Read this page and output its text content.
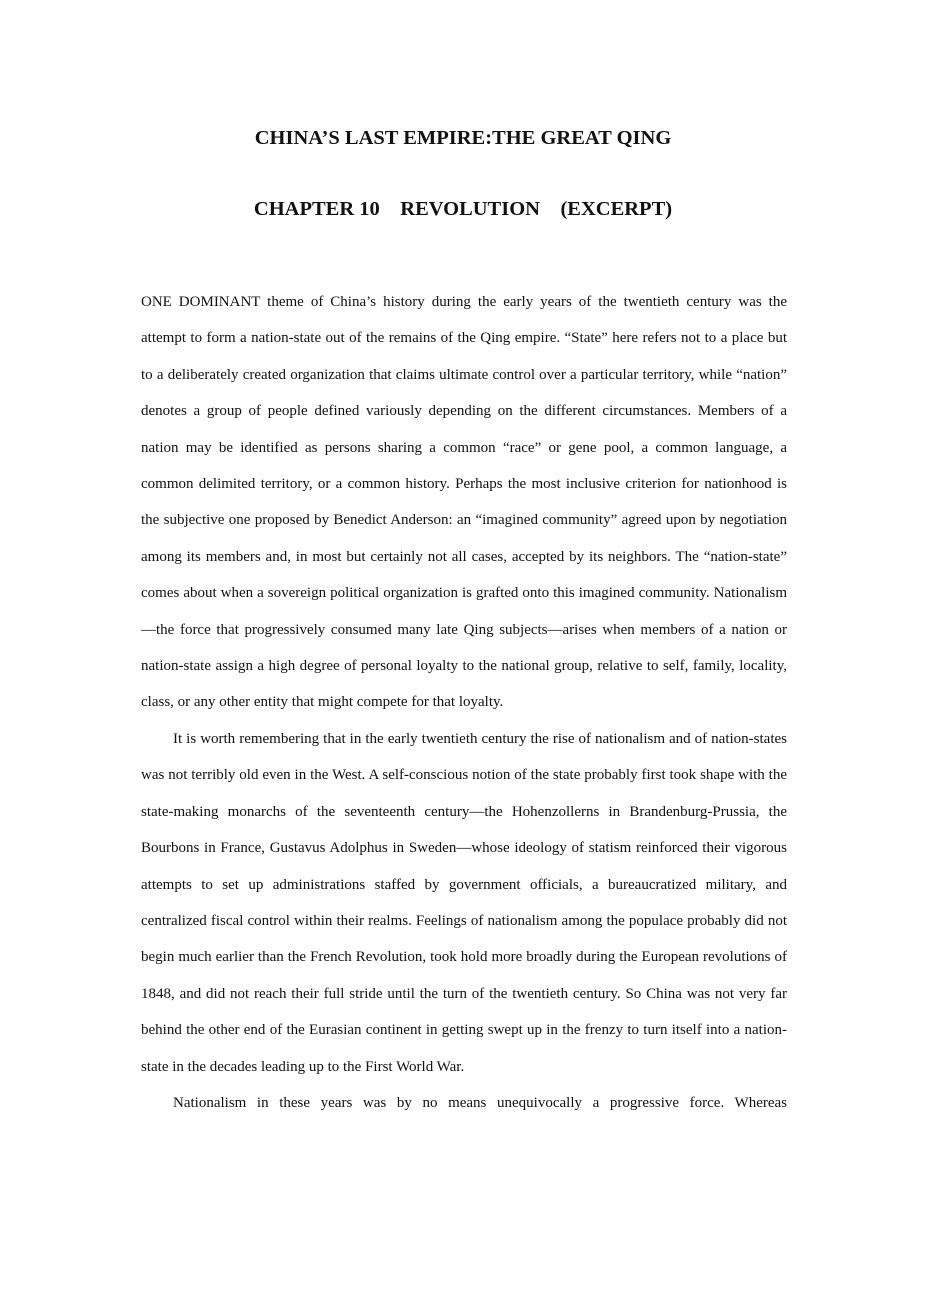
CHINA’S LAST EMPIRE:THE GREAT QING
CHAPTER 10    REVOLUTION    (EXCERPT)

ONE DOMINANT theme of China’s history during the early years of the twentieth century was the attempt to form a nation-state out of the remains of the Qing empire. “State” here refers not to a place but to a deliberately created organization that claims ultimate control over a particular territory, while “nation” denotes a group of people defined variously depending on the different circumstances. Members of a nation may be identified as persons sharing a common “race” or gene pool, a common language, a common delimited territory, or a common history. Perhaps the most inclusive criterion for nationhood is the subjective one proposed by Benedict Anderson: an “imagined community” agreed upon by negotiation among its members and, in most but certainly not all cases, accepted by its neighbors. The “nation-state” comes about when a sovereign political organization is grafted onto this imagined community. Nationalism—the force that progressively consumed many late Qing subjects—arises when members of a nation or nation-state assign a high degree of personal loyalty to the national group, relative to self, family, locality, class, or any other entity that might compete for that loyalty.

It is worth remembering that in the early twentieth century the rise of nationalism and of nation-states was not terribly old even in the West. A self-conscious notion of the state probably first took shape with the state-making monarchs of the seventeenth century—the Hohenzollerns in Brandenburg-Prussia, the Bourbons in France, Gustavus Adolphus in Sweden—whose ideology of statism reinforced their vigorous attempts to set up administrations staffed by government officials, a bureaucratized military, and centralized fiscal control within their realms. Feelings of nationalism among the populace probably did not begin much earlier than the French Revolution, took hold more broadly during the European revolutions of 1848, and did not reach their full stride until the turn of the twentieth century. So China was not very far behind the other end of the Eurasian continent in getting swept up in the frenzy to turn itself into a nation-state in the decades leading up to the First World War.

Nationalism in these years was by no means unequivocally a progressive force. Whereas
